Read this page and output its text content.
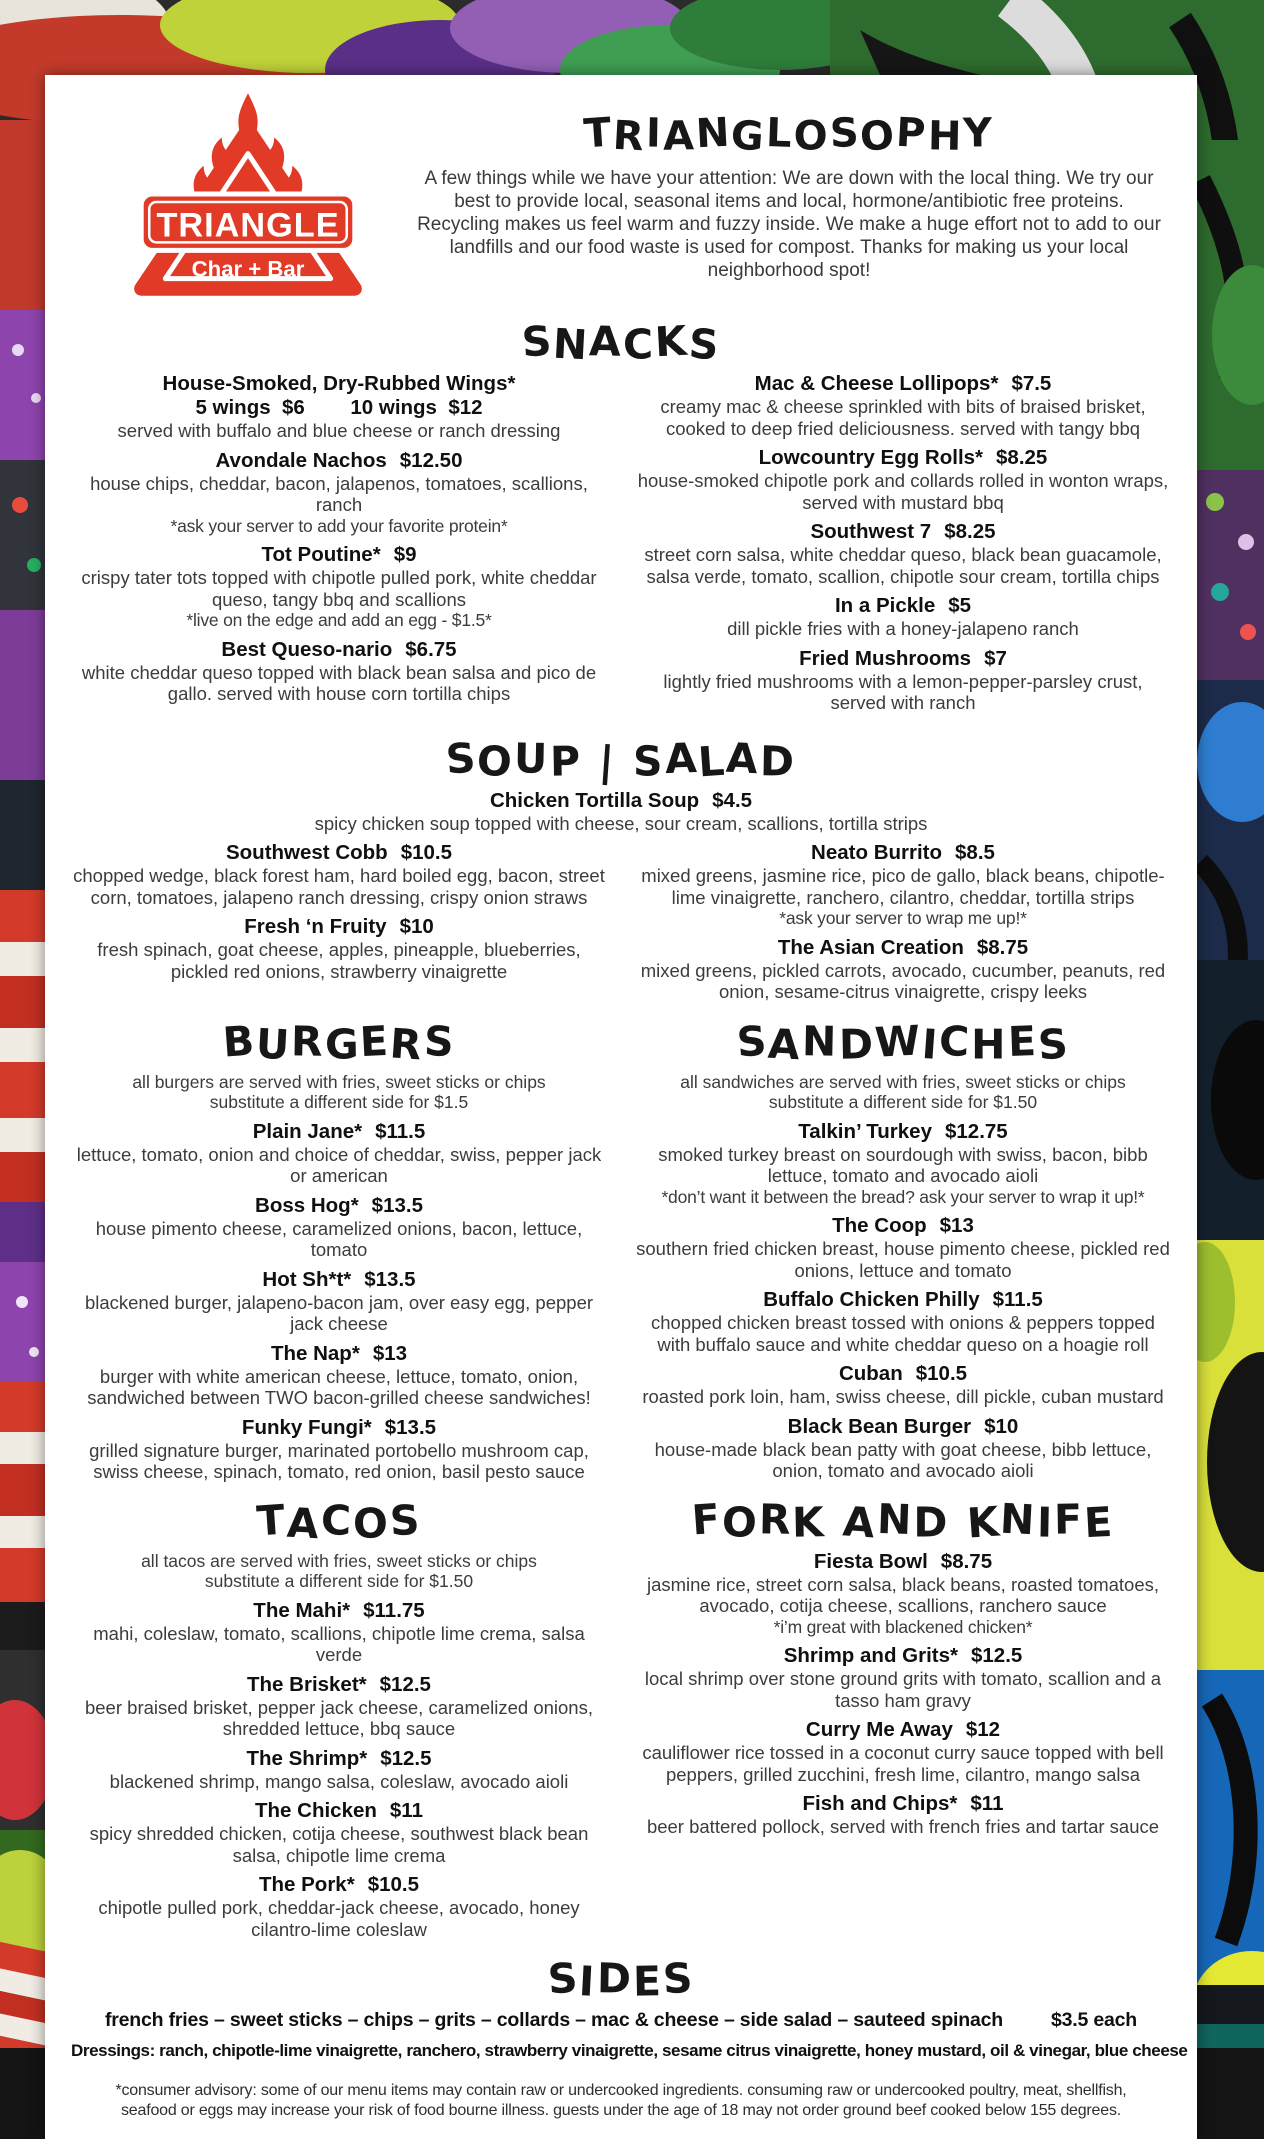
TRIANGLE
Char + Bar
TRIANGLOSOPHY

A few things while we have your attention: We are down with the local thing. We try our best to provide local, seasonal items and local, hormone/antibiotic free proteins. Recycling makes us feel warm and fuzzy inside. We make a huge effort not to add to our landfills and our food waste is used for compost. Thanks for making us your local neighborhood spot!

SNACKS
House-Smoked, Dry-Rubbed Wings*
5 wings  $6        10 wings  $12
served with buffalo and blue cheese or ranch dressing
Avondale Nachos $12.50
house chips, cheddar, bacon, jalapenos, tomatoes, scallions, ranch
*ask your server to add your favorite protein*
Tot Poutine* $9
crispy tater tots topped with chipotle pulled pork, white cheddar queso, tangy bbq and scallions
*live on the edge and add an egg - $1.5*
Best Queso-nario $6.75
white cheddar queso topped with black bean salsa and pico de gallo. served with house corn tortilla chips
Mac & Cheese Lollipops* $7.5
creamy mac & cheese sprinkled with bits of braised brisket, cooked to deep fried deliciousness. served with tangy bbq
Lowcountry Egg Rolls* $8.25
house-smoked chipotle pork and collards rolled in wonton wraps, served with mustard bbq
Southwest 7 $8.25
street corn salsa, white cheddar queso, black bean guacamole, salsa verde, tomato, scallion, chipotle sour cream, tortilla chips
In a Pickle $5
dill pickle fries with a honey-jalapeno ranch
Fried Mushrooms $7
lightly fried mushrooms with a lemon-pepper-parsley crust, served with ranch
SOUP | SALAD
Chicken Tortilla Soup $4.5
spicy chicken soup topped with cheese, sour cream, scallions, tortilla strips
Southwest Cobb $10.5
chopped wedge, black forest ham, hard boiled egg, bacon, street corn, tomatoes, jalapeno ranch dressing, crispy onion straws
Fresh ‘n Fruity $10
fresh spinach, goat cheese, apples, pineapple, blueberries, pickled red onions, strawberry vinaigrette
Neato Burrito $8.5
mixed greens, jasmine rice, pico de gallo, black beans, chipotle-lime vinaigrette, ranchero, cilantro, cheddar, tortilla strips
*ask your server to wrap me up!*
The Asian Creation $8.75
mixed greens, pickled carrots, avocado, cucumber, peanuts, red onion, sesame-citrus vinaigrette, crispy leeks
BURGERS
all burgers are served with fries, sweet sticks or chips
substitute a different side for $1.5
Plain Jane* $11.5
lettuce, tomato, onion and choice of cheddar, swiss, pepper jack or american
Boss Hog* $13.5
house pimento cheese, caramelized onions, bacon, lettuce, tomato
Hot Sh*t* $13.5
blackened burger, jalapeno-bacon jam, over easy egg, pepper jack cheese
The Nap* $13
burger with white american cheese, lettuce, tomato, onion, sandwiched between TWO bacon-grilled cheese sandwiches!
Funky Fungi* $13.5
grilled signature burger, marinated portobello mushroom cap, swiss cheese, spinach, tomato, red onion, basil pesto sauce
TACOS
all tacos are served with fries, sweet sticks or chips
substitute a different side for $1.50
The Mahi* $11.75
mahi, coleslaw, tomato, scallions, chipotle lime crema, salsa verde
The Brisket* $12.5
beer braised brisket, pepper jack cheese, caramelized onions, shredded lettuce, bbq sauce
The Shrimp* $12.5
blackened shrimp, mango salsa, coleslaw, avocado aioli
The Chicken $11
spicy shredded chicken, cotija cheese, southwest black bean salsa, chipotle lime crema
The Pork* $10.5
chipotle pulled pork, cheddar-jack cheese, avocado, honey cilantro-lime coleslaw
SANDWICHES
all sandwiches are served with fries, sweet sticks or chips
substitute a different side for $1.50
Talkin’ Turkey $12.75
smoked turkey breast on sourdough with swiss, bacon, bibb lettuce, tomato and avocado aioli
*don’t want it between the bread? ask your server to wrap it up!*
The Coop $13
southern fried chicken breast, house pimento cheese, pickled red onions, lettuce and tomato
Buffalo Chicken Philly $11.5
chopped chicken breast tossed with onions & peppers topped with buffalo sauce and white cheddar queso on a hoagie roll
Cuban $10.5
roasted pork loin, ham, swiss cheese, dill pickle, cuban mustard
Black Bean Burger $10
house-made black bean patty with goat cheese, bibb lettuce, onion, tomato and avocado aioli
FORK AND KNIFE
Fiesta Bowl $8.75
jasmine rice, street corn salsa, black beans, roasted tomatoes, avocado, cotija cheese, scallions, ranchero sauce
*i’m great with blackened chicken*
Shrimp and Grits* $12.5
local shrimp over stone ground grits with tomato, scallion and a tasso ham gravy
Curry Me Away $12
cauliflower rice tossed in a coconut curry sauce topped with bell peppers, grilled zucchini, fresh lime, cilantro, mango salsa
Fish and Chips* $11
beer battered pollock, served with french fries and tartar sauce
SIDES
french fries – sweet sticks – chips – grits – collards – mac & cheese – side salad – sauteed spinach $3.5 each
Dressings: ranch, chipotle-lime vinaigrette, ranchero, strawberry vinaigrette, sesame citrus vinaigrette, honey mustard, oil & vinegar, blue cheese

*consumer advisory: some of our menu items may contain raw or undercooked ingredients. consuming raw or undercooked poultry, meat, shellfish, seafood or eggs may increase your risk of food bourne illness. guests under the age of 18 may not order ground beef cooked below 155 degrees.
